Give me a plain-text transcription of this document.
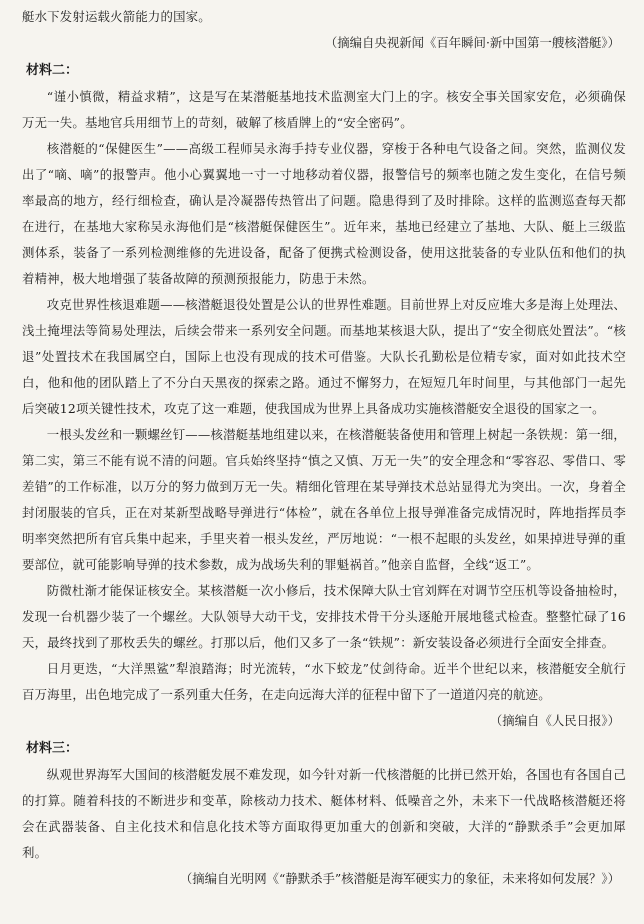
艇水下发射运载火箭能力的国家。

（摘编自央视新闻《百年瞬间·新中国第一艘核潜艇》）

材料二：

“谨小慎微，精益求精”，这是写在某潜艇基地技术监测室大门上的字。核安全事关国家安危，必须确保万无一失。基地官兵用细节上的苛刻，破解了核盾牌上的“安全密码”。

核潜艇的“保健医生”——高级工程师吴永海手持专业仪器，穿梭于各种电气设备之间。突然，监测仪发出了“嘀、嘀”的报警声。他小心翼翼地一寸一寸地移动着仪器，报警信号的频率也随之发生变化，在信号频率最高的地方，经行细检查，确认是冷凝器传热管出了问题。隐患得到了及时排除。这样的监测巡查每天都在进行，在基地大家称吴永海他们是“核潜艇保健医生”。近年来，基地已经建立了基地、大队、艇上三级监测体系，装备了一系列检测维修的先进设备，配备了便携式检测设备，使用这批装备的专业队伍和他们的执着精神，极大地增强了装备故障的预测预报能力，防患于未然。

攻克世界性核退难题——核潜艇退役处置是公认的世界性难题。目前世界上对反应堆大多是海上处理法、浅土掩埋法等简易处理法，后续会带来一系列安全问题。而基地某核退大队，提出了“安全彻底处置法”。“核退”处置技术在我国属空白，国际上也没有现成的技术可借鉴。大队长孔勤松是位精专家，面对如此技术空白，他和他的团队踏上了不分白天黑夜的探索之路。通过不懈努力，在短短几年时间里，与其他部门一起先后突破12项关键性技术，攻克了这一难题，使我国成为世界上具备成功实施核潜艇安全退役的国家之一。

一根头发丝和一颗螺丝钉——核潜艇基地组建以来，在核潜艇装备使用和管理上树起一条铁规：第一细，第二实，第三不能有说不清的问题。官兵始终坚持“慎之又慎、万无一失”的安全理念和“零容忍、零借口、零差错”的工作标准，以万分的努力做到万无一失。精细化管理在某导弹技术总站显得尤为突出。一次，身着全封闭服装的官兵，正在对某新型战略导弹进行“体检”，就在各单位上报导弹准备完成情况时，阵地指挥员李明率突然把所有官兵集中起来，手里夹着一根头发丝，严厉地说：“一根不起眼的头发丝，如果掉进导弹的重要部位，就可能影响导弹的技术参数，成为战场失利的罪魁祸首。”他亲自监督，全线“返工”。

防微杜渐才能保证核安全。某核潜艇一次小修后，技术保障大队士官刘辉在对调节空压机等设备抽检时，发现一台机器少装了一个螺丝。大队领导大动干戈，安排技术骨干分头逐舱开展地毯式检查。整整忙碌了16天，最终找到了那枚丢失的螺丝。打那以后，他们又多了一条“铁规”：新安装设备必须进行全面安全排查。

日月更迭，“大洋黑鲨”犁浪踏海；时光流转，“水下蛟龙”仗剑待命。近半个世纪以来，核潜艇安全航行百万海里，出色地完成了一系列重大任务，在走向远海大洋的征程中留下了一道道闪亮的航迹。

（摘编自《人民日报》）

材料三：

纵观世界海军大国间的核潜艇发展不难发现，如今针对新一代核潜艇的比拼已然开始，各国也有各国自己的打算。随着科技的不断进步和变革，除核动力技术、艇体材料、低噪音之外，未来下一代战略核潜艇还将会在武器装备、自主化技术和信息化技术等方面取得更加重大的创新和突破，大洋的“静默杀手”会更加犀利。

（摘编自光明网《“静默杀手”核潜艇是海军硬实力的象征，未来将如何发展？》）
